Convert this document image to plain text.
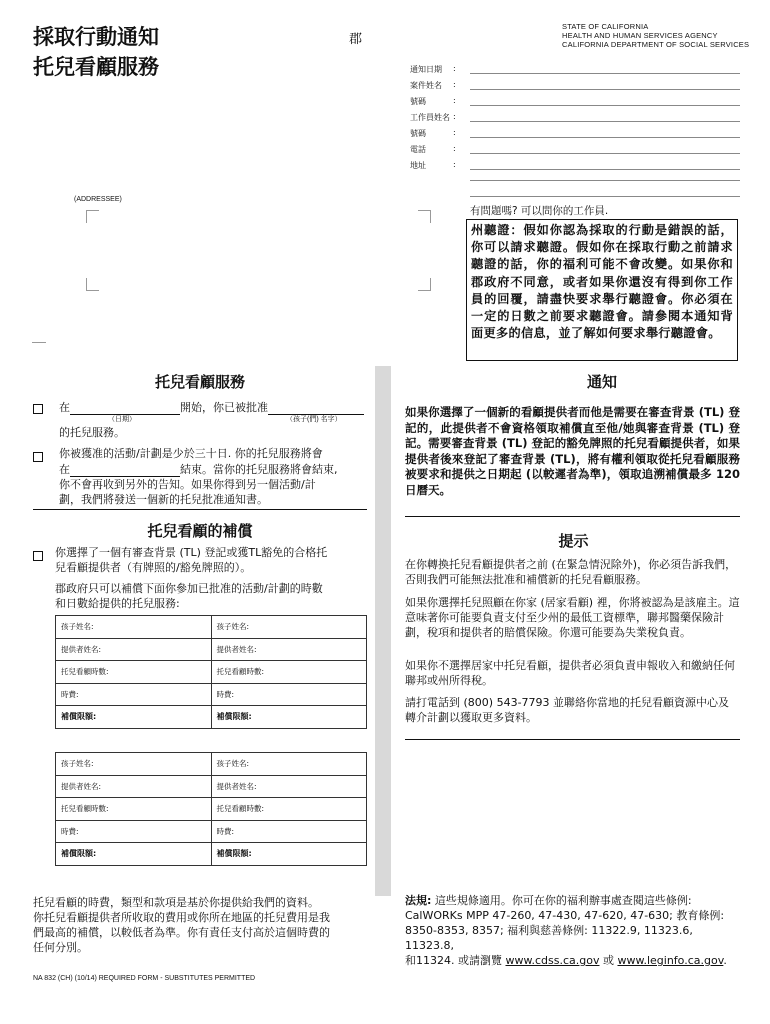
採取行動通知
托兒看顧服務
郡
STATE OF CALIFORNIA
HEALTH AND HUMAN SERVICES AGENCY
CALIFORNIA DEPARTMENT OF SOCIAL SERVICES
通知日期 :
案件姓名 :
號碼	:
工作員姓名 :
號碼	:
電話	:
地址	:
(ADDRESSEE)
有問題嗎? 可以問你的工作員.
州聽證：假如你認為採取的行動是錯誤的話，你可以請求聽證。假如你在採取行動之前請求聽證的話，你的福利可能不會改變。如果你和郡政府不同意，或者如果你還沒有得到你工作員的回覆，請盡快要求舉行聽證會。你必須在一定的日數之前要求聽證會。請參閱本通知背面更多的信息，並了解如何要求舉行聽證會。
托兒看顧服務
在	開始，你已被批准
（日期）	（孩子(們) 名字）
的托兒服務。
你被獲准的活動/計劃是少於三十日. 你的托兒服務將會
在	結束。當你的托兒服務將會結束,
你不會再收到另外的告知。如果你得到另一個活動/計
劃，我們將發送一個新的托兒批准通知書。
托兒看顧的補償
你選擇了一個有審查背景 (TL) 登記或獲TL豁免的合格托
兒看顧提供者（有牌照的/豁免牌照的）。
郡政府只可以補償下面你參加已批准的活動/計劃的時數
和日數給提供的托兒服務:
孩子姓名:	孩子姓名:
提供者姓名:	提供者姓名:
托兒看顧時數:	托兒看顧時數:
時費:	時費:
補償限額:	補償限額:
孩子姓名:	孩子姓名:
提供者姓名:	提供者姓名:
托兒看顧時數:	托兒看顧時數:
時費:	時費:
補償限額:	補償限額:
托兒看顧的時費，類型和款項是基於你提供給我們的資料。
你托兒看顧提供者所收取的費用或你所在地區的托兒費用是我
們最高的補償，以較低者為準。你有責任支付高於這個時費的
任何分別。
NA 832 (CH) (10/14) REQUIRED FORM - SUBSTITUTES PERMITTED
通知
如果你選擇了一個新的看顧提供者而他是需要在審查背景 (TL) 登記的，此提供者不會資格領取補償直至他/她與審查背景 (TL) 登記。需要審查背景 (TL) 登記的豁免牌照的托兒看顧提供者，如果提供者後來登記了審查背景 (TL)，將有權利領取從托兒看顧服務被要求和提供之日期起 (以較遲者為準)，領取追溯補償最多 120 日曆天。
提示
在你轉換托兒看顧提供者之前 (在緊急情況除外)，你必須告訴我們，否則我們可能無法批准和補償新的托兒看顧服務。
如果你選擇托兒照顧在你家 (居家看顧) 裡，你將被認為是該雇主。這意味著你可能要負責支付至少州的最低工資標準，聯邦醫藥保險計劃，稅項和提供者的賠償保險。你還可能要為失業稅負責。
如果你不選擇居家中托兒看顧，提供者必須負責申報收入和繳納任何聯邦或州所得稅。
請打電話到 (800) 543-7793 並聯絡你當地的托兒看顧資源中心及轉介計劃以獲取更多資料。
法規: 這些規條適用。你可在你的福利辦事處查閱這些條例:
CalWORKs MPP 47-260, 47-430, 47-620, 47-630; 教育條例:
8350-8353, 8357; 福利與慈善條例: 11322.9, 11323.6, 11323.8,
和11324. 或請瀏覽 www.cdss.ca.gov 或 www.leginfo.ca.gov.
